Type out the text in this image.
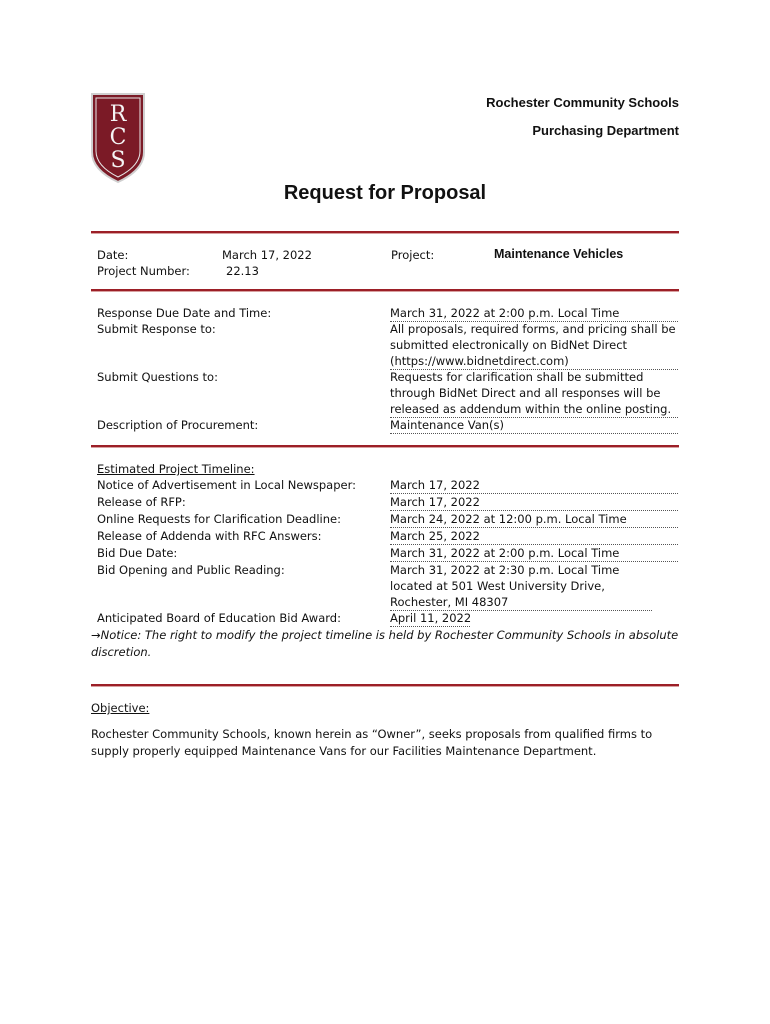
R
C
S
Rochester Community Schools
Purchasing Department
Request for Proposal
Date:	March 17, 2022
Project Number:	22.13
Project:	Maintenance Vehicles
Response Due Date and Time:	March 31, 2022 at 2:00 p.m. Local Time
Submit Response to:	All proposals, required forms, and pricing shall be submitted electronically on BidNet Direct (https://www.bidnetdirect.com)
Submit Questions to:	Requests for clarification shall be submitted through BidNet Direct and all responses will be released as addendum within the online posting.
Description of Procurement:	Maintenance Van(s)
Estimated Project Timeline:
Notice of Advertisement in Local Newspaper:	March 17, 2022
Release of RFP:	March 17, 2022
Online Requests for Clarification Deadline:	March 24, 2022 at 12:00 p.m. Local Time
Release of Addenda with RFC Answers:	March 25, 2022
Bid Due Date:	March 31, 2022 at 2:00 p.m. Local Time
Bid Opening and Public Reading:	March 31, 2022 at 2:30 p.m. Local Time located at 501 West University Drive, Rochester, MI 48307
Anticipated Board of Education Bid Award:	April 11, 2022
→Notice: The right to modify the project timeline is held by Rochester Community Schools in absolute discretion.
Objective:
Rochester Community Schools, known herein as “Owner”, seeks proposals from qualified firms to supply properly equipped Maintenance Vans for our Facilities Maintenance Department.
